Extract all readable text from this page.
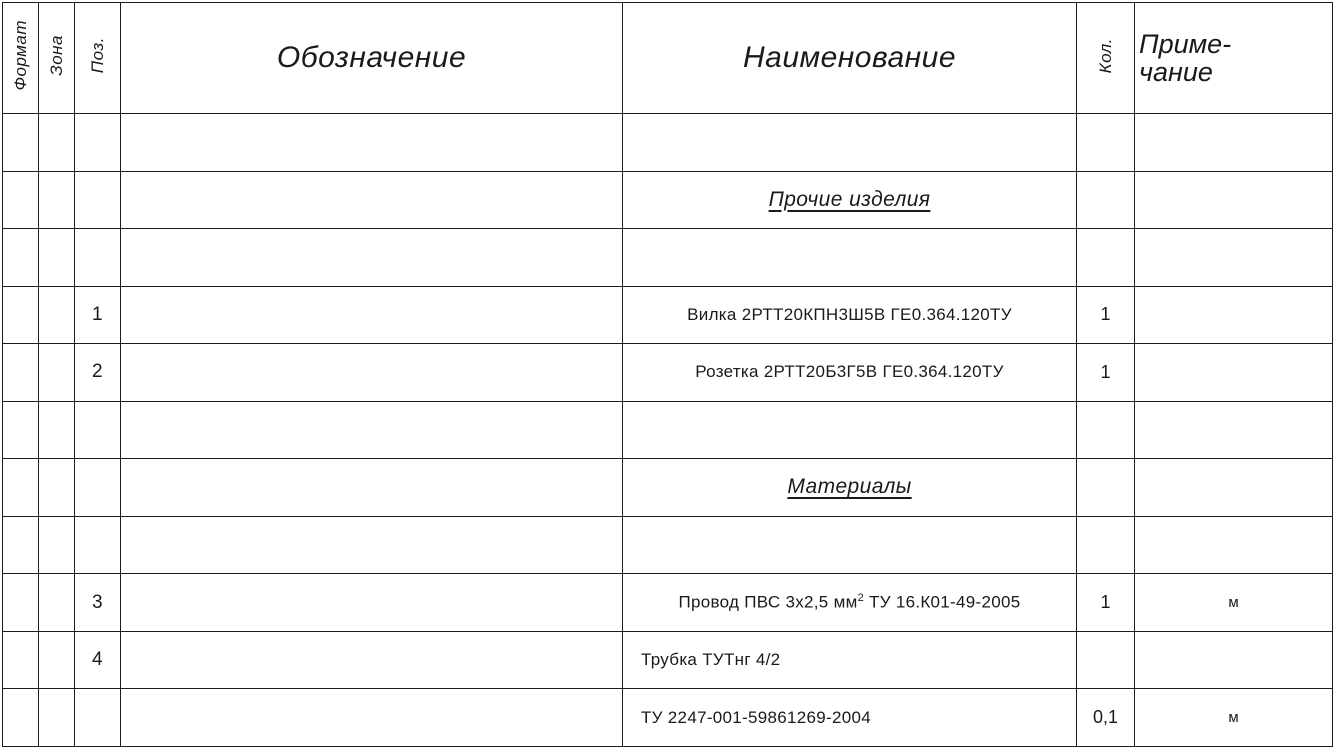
Формат	Зона	Поз.	Обозначение	Наименование	Кол.	Приме-
чание

				Прочие изделия		

		1		Вилка 2РТТ20КПН3Ш5В ГЕ0.364.120ТУ	1	
		2		Розетка 2РТТ20Б3Г5В ГЕ0.364.120ТУ	1	

				Материалы		

		3		Провод ПВС 3х2,5 $мм^2$ ТУ 16.К01-49-2005	1	м
		4		Трубка ТУТнг 4/2		
				ТУ 2247-001-59861269-2004	0,1	м
